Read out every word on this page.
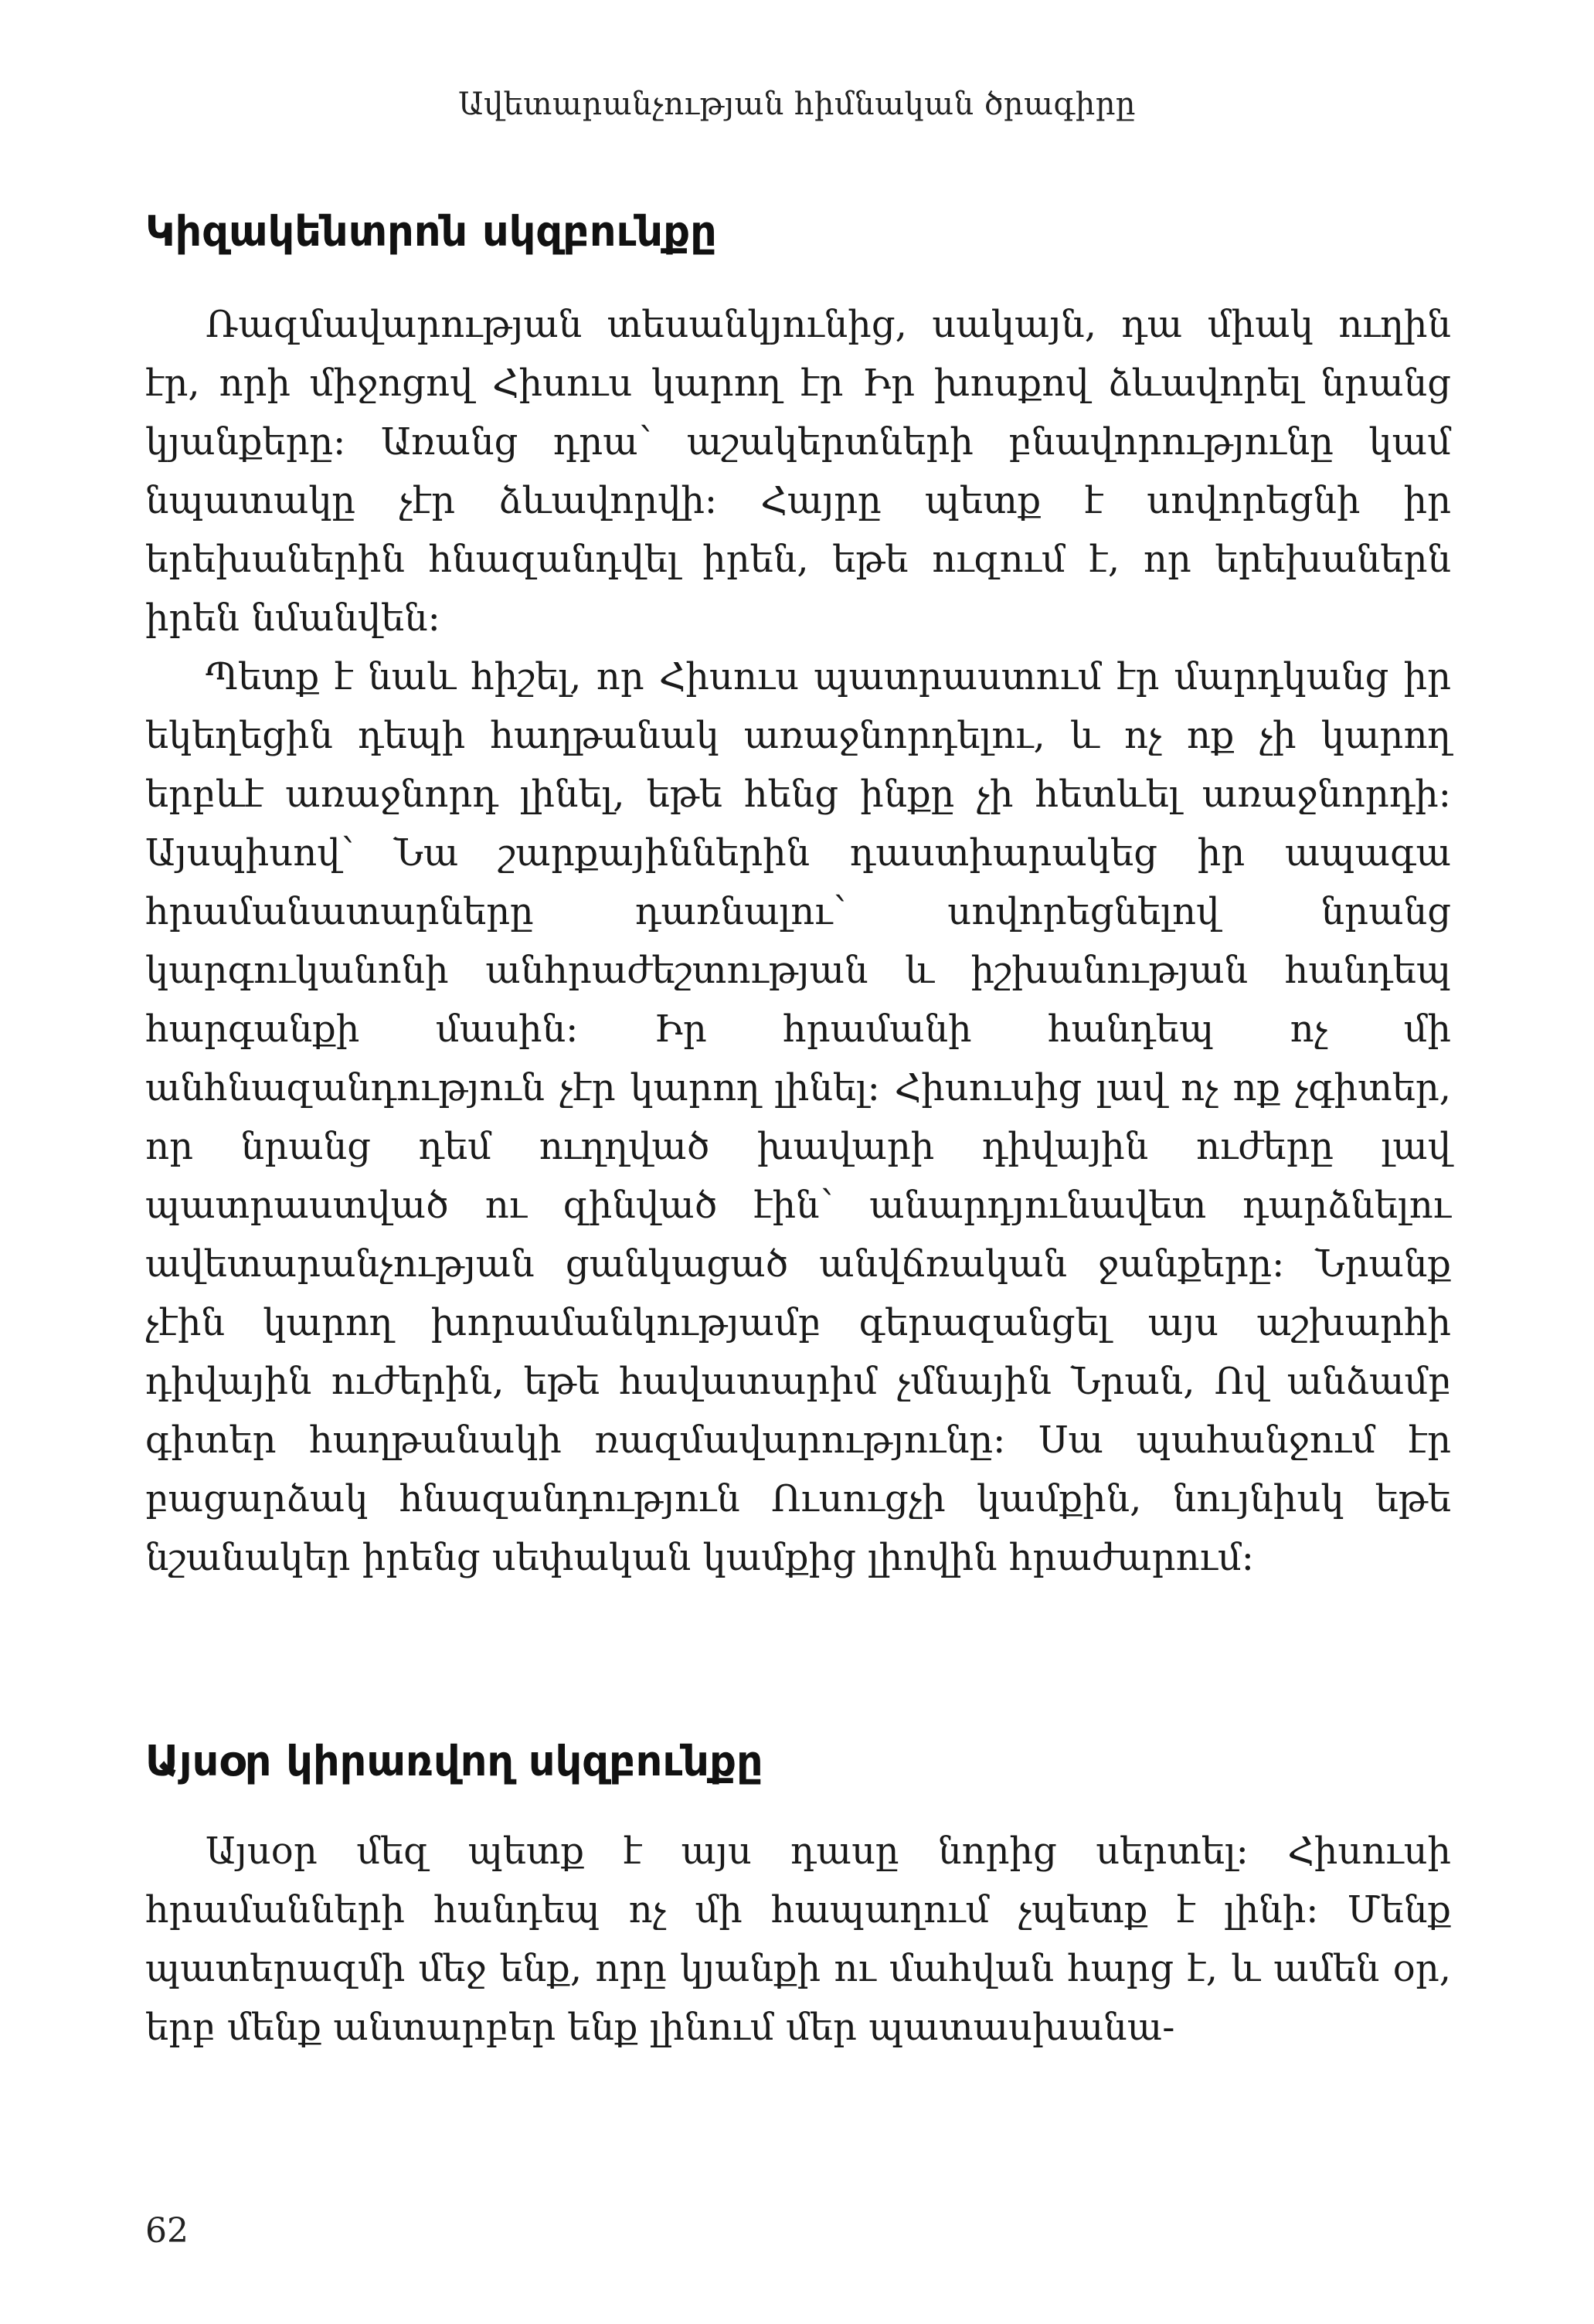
Ավետարանչության հիմնական ծրագիրը
Կիզակենտրոն սկզբունքը

Ռազմավարության տեսանկյունից, սակայն, դա միակ ուղին էր, որի միջոցով Հիսուս կարող էր Իր խոսքով ձևավորել նրանց կյանքերը։ Առանց դրա՝ աշակերտների բնավորությունը կամ նպատակը չէր ձևավորվի։ Հայրը պետք է սովորեցնի իր երեխաներին հնազանդվել իրեն, եթե ուզում է, որ երեխաներն իրեն նմանվեն։

Պետք է նաև հիշել, որ Հիսուս պատրաստում էր մարդկանց իր եկեղեցին դեպի հաղթանակ առաջնորդելու, և ոչ ոք չի կարող երբևէ առաջնորդ լինել, եթե հենց ինքը չի հետևել առաջնորդի։ Այսպիսով՝ Նա շարքայիններին դաստիարակեց իր ապագա հրամանատարները դառնալու՝ սովորեցնելով նրանց կարգուկանոնի անհրաժեշտության և իշխանության հանդեպ հարգանքի մասին։ Իր հրամանի հանդեպ ոչ մի անհնազանդություն չէր կարող լինել։ Հիսուսից լավ ոչ ոք չգիտեր, որ նրանց դեմ ուղղված խավարի դիվային ուժերը լավ պատրաստված ու զինված էին՝ անարդյունավետ դարձնելու ավետարանչության ցանկացած անվճռական ջանքերը։ Նրանք չէին կարող խորամանկությամբ գերազանցել այս աշխարհի դիվային ուժերին, եթե հավատարիմ չմնային Նրան, Ով անձամբ գիտեր հաղթանակի ռազմավարությունը։ Սա պահանջում էր բացարձակ հնազանդություն Ուսուցչի կամքին, նույնիսկ եթե նշանակեր իրենց սեփական կամքից լիովին հրաժարում։

Այսօր կիրառվող սկզբունքը

Այսօր մեզ պետք է այս դասը նորից սերտել։ Հիսուսի հրամանների հանդեպ ոչ մի հապաղում չպետք է լինի։ Մենք պատերազմի մեջ ենք, որը կյանքի ու մահվան հարց է, և ամեն օր, երբ մենք անտարբեր ենք լինում մեր պատասխանա-

62
